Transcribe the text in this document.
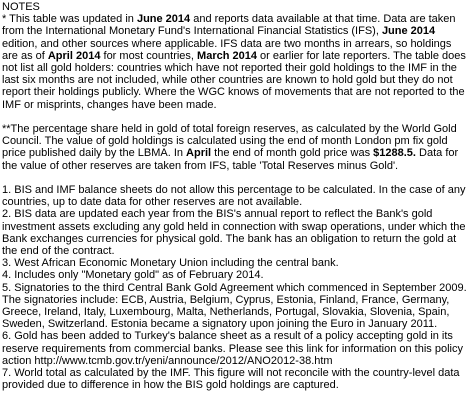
NOTES

* This table was updated in June 2014 and reports data available at that time. Data are taken from the International Monetary Fund's International Financial Statistics (IFS), June 2014 edition, and other sources where applicable. IFS data are two months in arrears, so holdings are as of April 2014 for most countries, March 2014 or earlier for late reporters. The table does not list all gold holders: countries which have not reported their gold holdings to the IMF in the last six months are not included, while other countries are known to hold gold but they do not report their holdings publicly. Where the WGC knows of movements that are not reported to the IMF or misprints, changes have been made.

**The percentage share held in gold of total foreign reserves, as calculated by the World Gold Council. The value of gold holdings is calculated using the end of month London pm fix gold price published daily by the LBMA. In April the end of month gold price was $1288.5. Data for the value of other reserves are taken from IFS, table 'Total Reserves minus Gold'.

1. BIS and IMF balance sheets do not allow this percentage to be calculated. In the case of any countries, up to date data for other reserves are not available.

2. BIS data are updated each year from the BIS's annual report to reflect the Bank's gold investment assets excluding any gold held in connection with swap operations, under which the Bank exchanges currencies for physical gold. The bank has an obligation to return the gold at the end of the contract.

3. West African Economic Monetary Union including the central bank.

4. Includes only "Monetary gold" as of February 2014.

5. Signatories to the third Central Bank Gold Agreement which commenced in September 2009. The signatories include: ECB, Austria, Belgium, Cyprus, Estonia, Finland, France, Germany, Greece, Ireland, Italy, Luxembourg, Malta, Netherlands, Portugal, Slovakia, Slovenia, Spain, Sweden, Switzerland. Estonia became a signatory upon joining the Euro in January 2011.

6. Gold has been added to Turkey's balance sheet as a result of a policy accepting gold in its reserve requirements from commercial banks. Please see this link for information on this policy action http://www.tcmb.gov.tr/yeni/announce/2012/ANO2012-38.htm

7. World total as calculated by the IMF. This figure will not reconcile with the country-level data provided due to difference in how the BIS gold holdings are captured.
